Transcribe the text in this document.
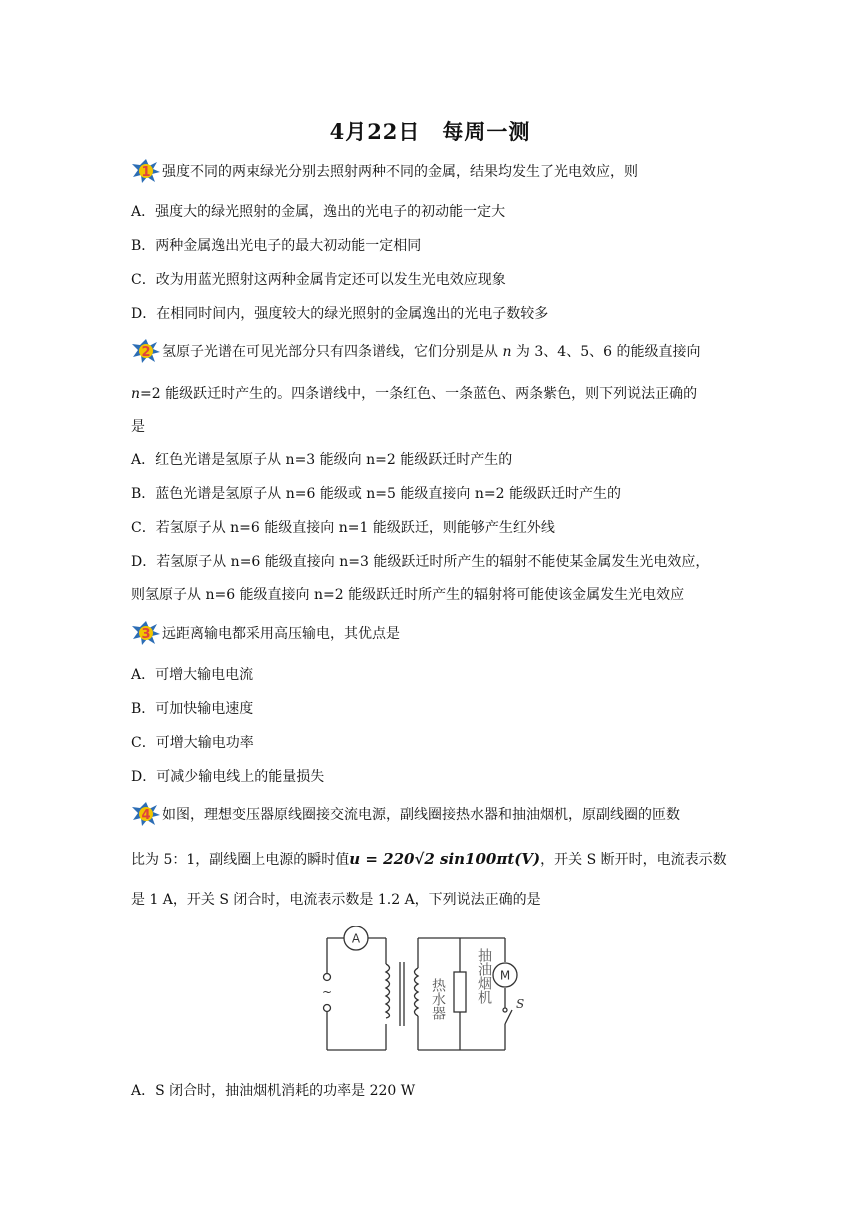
4月22日　每周一测
1 强度不同的两束绿光分别去照射两种不同的金属，结果均发生了光电效应，则
A．强度大的绿光照射的金属，逸出的光电子的初动能一定大
B．两种金属逸出光电子的最大初动能一定相同
C．改为用蓝光照射这两种金属肯定还可以发生光电效应现象
D．在相同时间内，强度较大的绿光照射的金属逸出的光电子数较多
2 氢原子光谱在可见光部分只有四条谱线，它们分别是从 n 为 3、4、5、6 的能级直接向
n=2 能级跃迁时产生的。四条谱线中，一条红色、一条蓝色、两条紫色，则下列说法正确的
是
A．红色光谱是氢原子从 n=3 能级向 n=2 能级跃迁时产生的
B．蓝色光谱是氢原子从 n=6 能级或 n=5 能级直接向 n=2 能级跃迁时产生的
C．若氢原子从 n=6 能级直接向 n=1 能级跃迁，则能够产生红外线
D．若氢原子从 n=6 能级直接向 n=3 能级跃迁时所产生的辐射不能使某金属发生光电效应，
则氢原子从 n=6 能级直接向 n=2 能级跃迁时所产生的辐射将可能使该金属发生光电效应
3 远距离输电都采用高压输电，其优点是
A．可增大输电电流
B．可加快输电速度
C．可增大输电功率
D．可减少输电线上的能量损失
4 如图，理想变压器原线圈接交流电源，副线圈接热水器和抽油烟机，原副线圈的匝数
比为 5：1，副线圈上电源的瞬时值u = 220√2 sin100πt(V)，开关 S 断开时，电流表示数
是 1 A，开关 S 闭合时，电流表示数是 1.2 A，下列说法正确的是
A
M
~
S
热水器 抽油烟机
A．S 闭合时，抽油烟机消耗的功率是 220 W
